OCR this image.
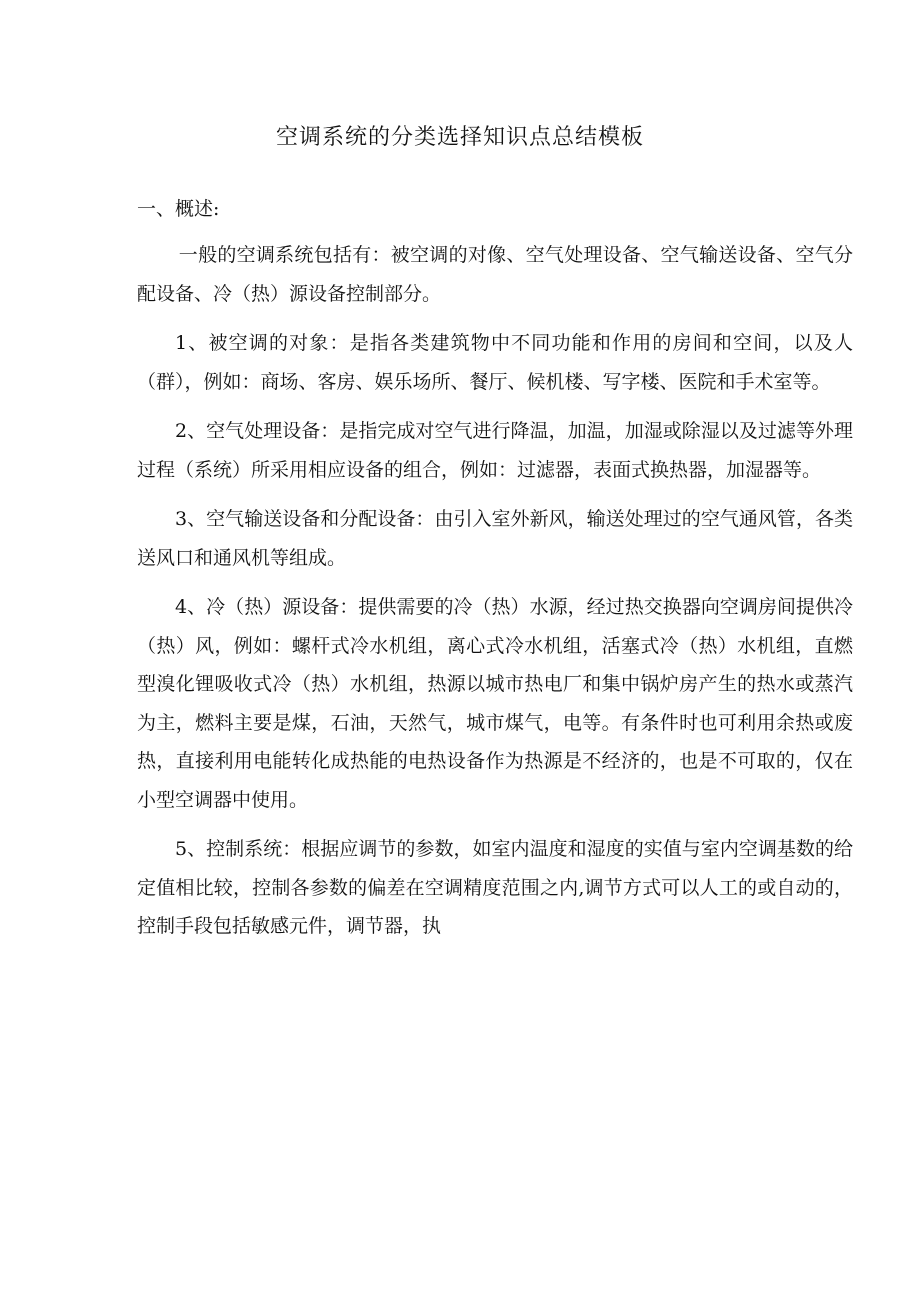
空调系统的分类选择知识点总结模板
一、概述:

一般的空调系统包括有：被空调的对像、空气处理设备、空气输送设备、空气分配设备、冷（热）源设备控制部分。

1、被空调的对象：是指各类建筑物中不同功能和作用的房间和空间，以及人（群），例如：商场、客房、娱乐场所、餐厅、候机楼、写字楼、医院和手术室等。

2、空气处理设备：是指完成对空气进行降温，加温，加湿或除湿以及过滤等外理过程（系统）所采用相应设备的组合，例如：过滤器，表面式换热器，加湿器等。

3、空气输送设备和分配设备：由引入室外新风，输送处理过的空气通风管，各类送风口和通风机等组成。

4、冷（热）源设备：提供需要的冷（热）水源，经过热交换器向空调房间提供冷（热）风，例如：螺杆式冷水机组，离心式冷水机组，活塞式冷（热）水机组，直燃型溴化锂吸收式冷（热）水机组，热源以城市热电厂和集中锅炉房产生的热水或蒸汽为主，燃料主要是煤，石油，天然气，城市煤气，电等。有条件时也可利用余热或废热，直接利用电能转化成热能的电热设备作为热源是不经济的，也是不可取的，仅在小型空调器中使用。

5、控制系统：根据应调节的参数，如室内温度和湿度的实值与室内空调基数的给定值相比较，控制各参数的偏差在空调精度范围之内,调节方式可以人工的或自动的，控制手段包括敏感元件，调节器，执
